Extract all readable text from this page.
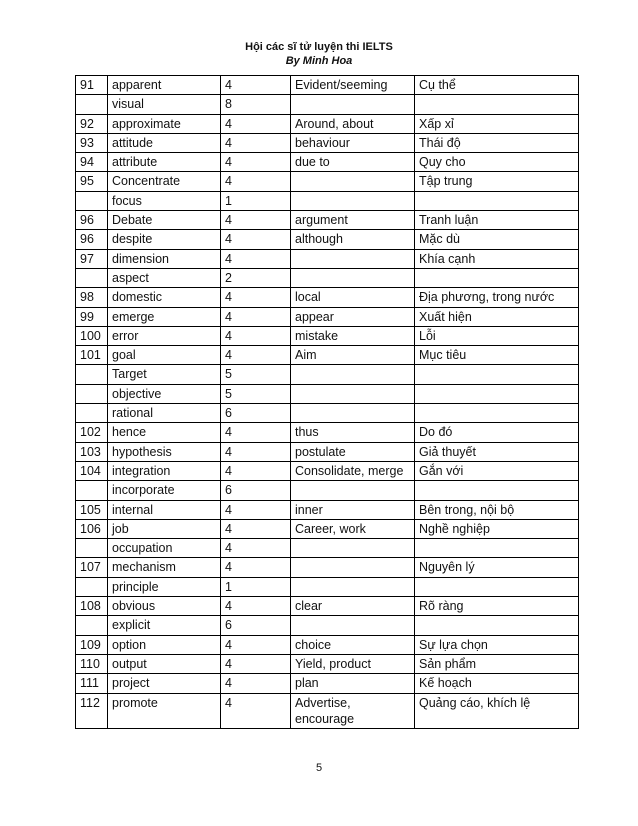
Hội các sĩ tử luyện thi IELTS
By Minh Hoa
91	apparent	4	Evident/seeming	Cụ thể
	visual	8		
92	approximate	4	Around, about	Xấp xỉ
93	attitude	4	behaviour	Thái độ
94	attribute	4	due to	Quy cho
95	Concentrate	4		Tập trung
	focus	1		
96	Debate	4	argument	Tranh luận
96	despite	4	although	Mặc dù
97	dimension	4		Khía cạnh
	aspect	2		
98	domestic	4	local	Địa phương, trong nước
99	emerge	4	appear	Xuất hiện
100	error	4	mistake	Lỗi
101	goal	4	Aim	Mục tiêu
	Target	5		
	objective	5		
	rational	6		
102	hence	4	thus	Do đó
103	hypothesis	4	postulate	Giả thuyết
104	integration	4	Consolidate, merge	Gắn với
	incorporate	6		
105	internal	4	inner	Bên trong, nội bộ
106	job	4	Career, work	Nghề nghiệp
	occupation	4		
107	mechanism	4		Nguyên lý
	principle	1		
108	obvious	4	clear	Rõ ràng
	explicit	6		
109	option	4	choice	Sự lựa chọn
110	output	4	Yield, product	Sản phẩm
111	project	4	plan	Kế hoạch
112	promote	4	Advertise, encourage	Quảng cáo, khích lệ
5
